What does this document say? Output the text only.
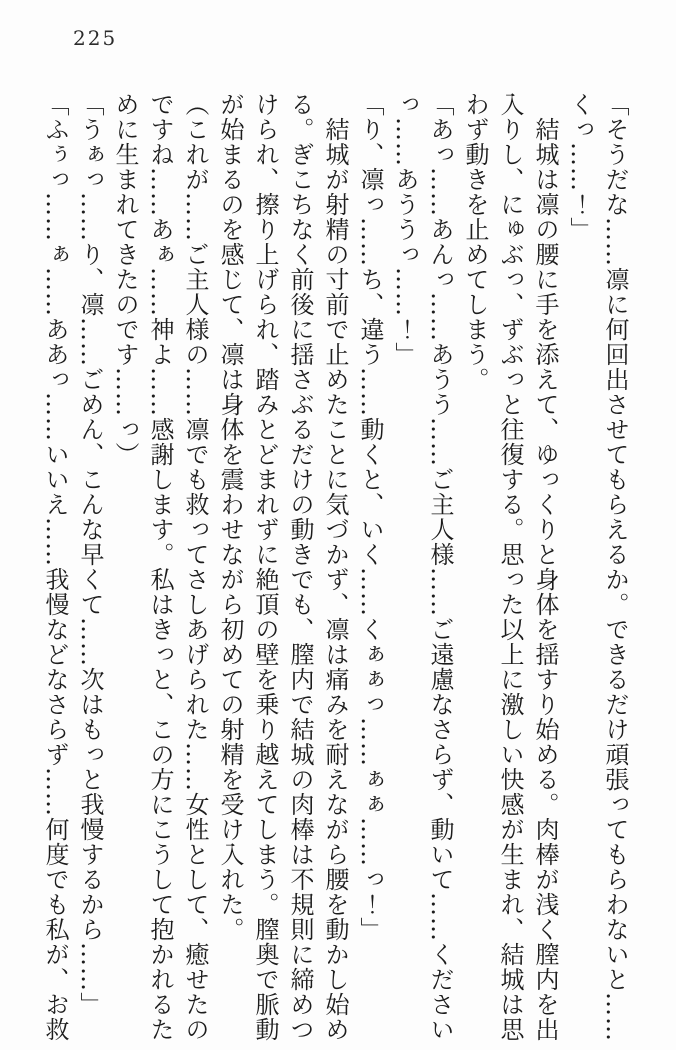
225
「そうだな……凛に何回出させてもらえるか。できるだけ頑張ってもらわないと……
くっ……！」
結城は凛の腰に手を添えて、ゆっくりと身体を揺すり始める。肉棒が浅く膣内を出
入りし、にゅぶっ、ずぶっと往復する。思った以上に激しい快感が生まれ、結城は思
わず動きを止めてしまう。
「あっ……あんっ……あうう……ご主人様……ご遠慮なさらず、動いて……ください
っ……あううっ……！」
「り、凛っ……ち、違う……動くと、いく……くぁぁっ……ぁぁ……っ！」
結城が射精の寸前で止めたことに気づかず、凛は痛みを耐えながら腰を動かし始め
る。ぎこちなく前後に揺さぶるだけの動きでも、膣内で結城の肉棒は不規則に締めつ
けられ、擦り上げられ、踏みとどまれずに絶頂の壁を乗り越えてしまう。膣奥で脈動
が始まるのを感じて、凛は身体を震わせながら初めての射精を受け入れた。
（これが……ご主人様の……凛でも救ってさしあげられた……女性として、癒せたの
ですね……あぁ……神よ……感謝します。私はきっと、この方にこうして抱かれるた
めに生まれてきたのです……っ）
「うぁっ……り、凛……ごめん、こんな早くて……次はもっと我慢するから……」
「ふぅっ……ぁ……ああっ……いいえ……我慢などなさらず……何度でも私が、お救
